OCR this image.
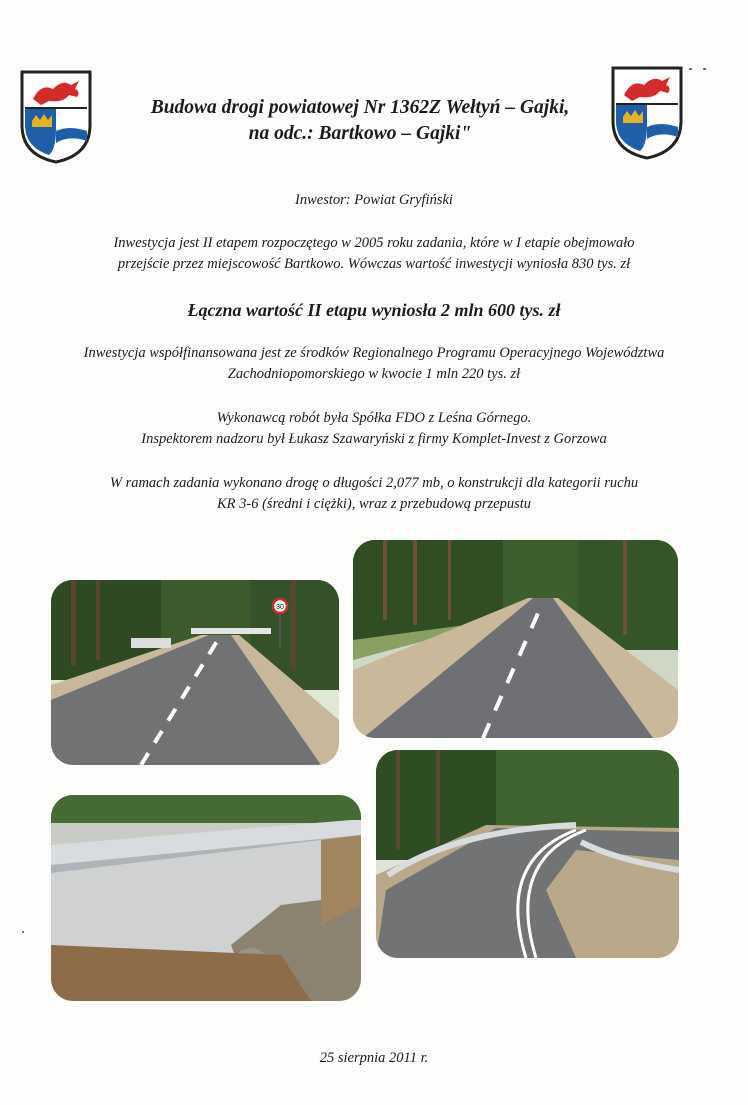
Budowa drogi powiatowej Nr 1362Z Wełtyń – Gajki,
na odc.: Bartkowo – Gajki"
Inwestor: Powiat Gryfiński
Inwestycja jest II etapem rozpoczętego w 2005 roku zadania, które w I etapie obejmowało
przejście przez miejscowość Bartkowo. Wówczas wartość inwestycji wyniosła 830 tys. zł
Łączna wartość II etapu wyniosła 2 mln 600 tys. zł
Inwestycja współfinansowana jest ze środków Regionalnego Programu Operacyjnego Województwa
Zachodniopomorskiego w kwocie 1 mln 220 tys. zł
Wykonawcą robót była Spółka FDO z Leśna Górnego.
Inspektorem nadzoru był Łukasz Szawaryński z firmy Komplet-Invest z Gorzowa
W ramach zadania wykonano drogę o długości 2,077 mb, o konstrukcji dla kategorii ruchu
KR 3-6 (średni i ciężki), wraz z przebudową przepustu
30
25 sierpnia 2011 r.
